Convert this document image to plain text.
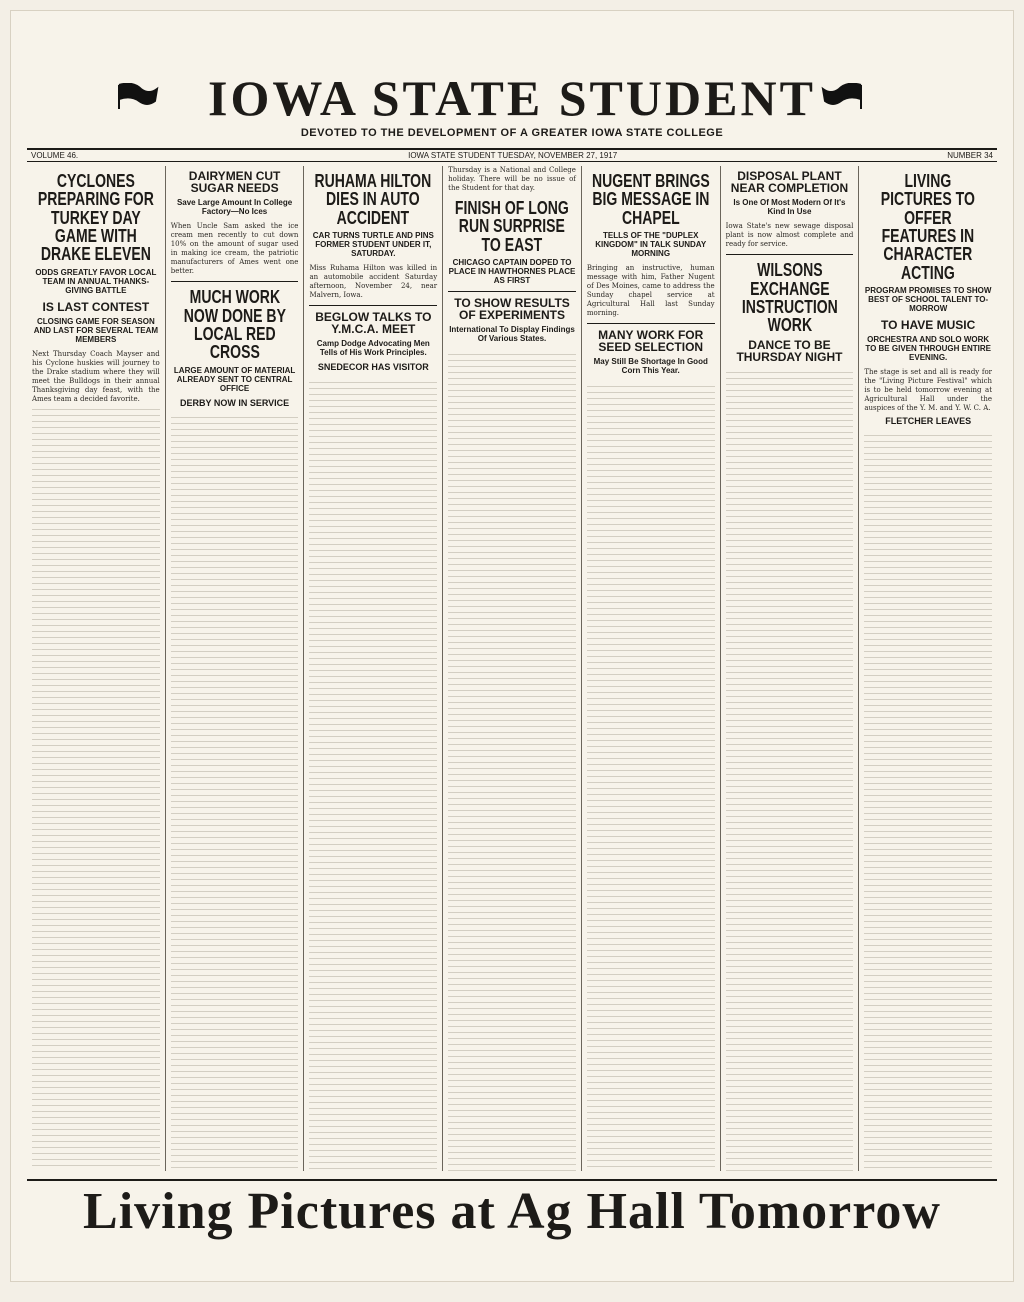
IOWA STATE STUDENT
DEVOTED TO THE DEVELOPMENT OF A GREATER IOWA STATE COLLEGE
VOLUME 46.	IOWA STATE STUDENT TUESDAY, NOVEMBER 27, 1917	NUMBER 34
CYCLONES PREPARING FOR TURKEY DAY GAME WITH DRAKE ELEVEN
ODDS GREATLY FAVOR LOCAL TEAM IN ANNUAL THANKS-GIVING BATTLE
IS LAST CONTEST
CLOSING GAME FOR SEASON AND LAST FOR SEVERAL TEAM MEMBERS

Next Thursday Coach Mayser and his Cyclone huskies will journey to the Drake stadium where they will meet the Bulldogs in their annual Thanksgiving day feast, with the Ames team a decided favorite.

DAIRYMEN CUT SUGAR NEEDS
Save Large Amount In College Factory—No Ices

When Uncle Sam asked the ice cream men recently to cut down 10% on the amount of sugar used in making ice cream, the patriotic manufacturers of Ames went one better.

MUCH WORK NOW DONE BY LOCAL RED CROSS
LARGE AMOUNT OF MATERIAL ALREADY SENT TO CENTRAL OFFICE
DERBY NOW IN SERVICE
RUHAMA HILTON DIES IN AUTO ACCIDENT
CAR TURNS TURTLE AND PINS FORMER STUDENT UNDER IT, SATURDAY.

Miss Ruhama Hilton was killed in an automobile accident Saturday afternoon, November 24, near Malvern, Iowa.

BEGLOW TALKS TO Y.M.C.A. MEET
Camp Dodge Advocating Men Tells of His Work Principles.
SNEDECOR HAS VISITOR

Thursday is a National and College holiday. There will be no issue of the Student for that day.

FINISH OF LONG RUN SURPRISE TO EAST
CHICAGO CAPTAIN DOPED TO PLACE IN HAWTHORNES PLACE AS FIRST
TO SHOW RESULTS OF EXPERIMENTS
International To Display Findings Of Various States.
NUGENT BRINGS BIG MESSAGE IN CHAPEL
TELLS OF THE "DUPLEX KINGDOM" IN TALK SUNDAY MORNING

Bringing an instructive, human message with him, Father Nugent of Des Moines, came to address the Sunday chapel service at Agricultural Hall last Sunday morning.

MANY WORK FOR SEED SELECTION
May Still Be Shortage In Good Corn This Year.
DISPOSAL PLANT NEAR COMPLETION
Is One Of Most Modern Of It's Kind In Use

Iowa State's new sewage disposal plant is now almost complete and ready for service.

WILSONS EXCHANGE INSTRUCTION WORK
DANCE TO BE THURSDAY NIGHT
LIVING PICTURES TO OFFER FEATURES IN CHARACTER ACTING
PROGRAM PROMISES TO SHOW BEST OF SCHOOL TALENT TO-MORROW
TO HAVE MUSIC
ORCHESTRA AND SOLO WORK TO BE GIVEN THROUGH ENTIRE EVENING.

The stage is set and all is ready for the "Living Picture Festival" which is to be held tomorrow evening at Agricultural Hall under the auspices of the Y. M. and Y. W. C. A.

FLETCHER LEAVES
Living Pictures at Ag Hall Tomorrow
